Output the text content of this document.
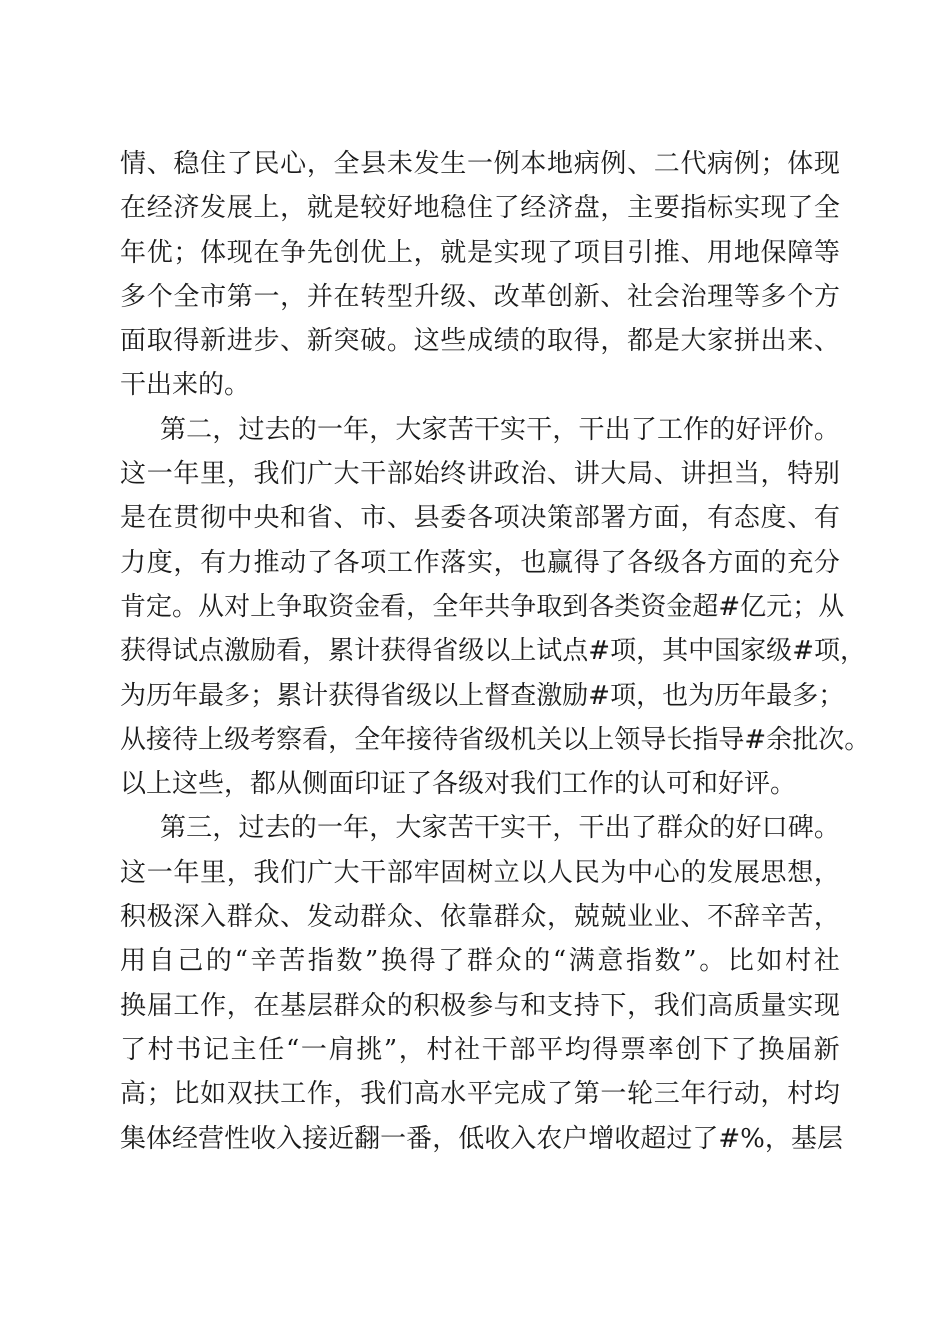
情 、 稳 住 了 民 心 ， 全 县 未 发 生 一 例 本 地 病 例 、 二 代 病 例 ； 体 现
在 经 济 发 展 上 ， 就 是 较 好 地 稳 住 了 经 济 盘 ， 主 要 指 标 实 现 了 全
年 优 ； 体 现 在 争 先 创 优 上 ， 就 是 实 现 了 项 目 引 推 、 用 地 保 障 等
多 个 全 市 第 一 ， 并 在 转 型 升 级 、 改 革 创 新 、 社 会 治 理 等 多 个 方
面 取 得 新 进 步 、 新 突 破 。 这 些 成 绩 的 取 得 ， 都 是 大 家 拼 出 来 、
干出来的。
第 二 ， 过 去 的 一 年 ， 大 家 苦 干 实 干 ， 干 出 了 工 作 的 好 评 价 。
这 一 年 里 ， 我 们 广 大 干 部 始 终 讲 政 治 、 讲 大 局 、 讲 担 当 ， 特 别
是 在 贯 彻 中 央 和 省 、 市 、 县 委 各 项 决 策 部 署 方 面 ， 有 态 度 、 有
力 度 ， 有 力 推 动 了 各 项 工 作 落 实 ， 也 赢 得 了 各 级 各 方 面 的 充 分
肯 定 。 从 对 上 争 取 资 金 看 ， 全 年 共 争 取 到 各 类 资 金 超 # 亿 元 ； 从
获 得 试 点 激 励 看 ， 累 计 获 得 省 级 以 上 试 点 # 项 ， 其 中 国 家 级 # 项 ，
为 历 年 最 多 ； 累 计 获 得 省 级 以 上 督 查 激 励 # 项 ， 也 为 历 年 最 多 ；
从 接 待 上 级 考 察 看 ， 全 年 接 待 省 级 机 关 以 上 领 导 长 指 导 # 余 批 次 。
以上这些，都从侧面印证了各级对我们工作的认可和好评。
第 三 ， 过 去 的 一 年 ， 大 家 苦 干 实 干 ， 干 出 了 群 众 的 好 口 碑 。
这 一 年 里 ， 我 们 广 大 干 部 牢 固 树 立 以 人 民 为 中 心 的 发 展 思 想 ，
积 极 深 入 群 众 、 发 动 群 众 、 依 靠 群 众 ， 兢 兢 业 业 、 不 辞 辛 苦 ，
用 自 己 的 “ 辛 苦 指 数 ” 换 得 了 群 众 的 “ 满 意 指 数 ” 。 比 如 村 社
换 届 工 作 ， 在 基 层 群 众 的 积 极 参 与 和 支 持 下 ， 我 们 高 质 量 实 现
了 村 书 记 主 任 “ 一 肩 挑 ” ， 村 社 干 部 平 均 得 票 率 创 下 了 换 届 新
高 ； 比 如 双 扶 工 作 ， 我 们 高 水 平 完 成 了 第 一 轮 三 年 行 动 ， 村 均
集 体 经 营 性 收 入 接 近 翻 一 番 ， 低 收 入 农 户 增 收 超 过 了 # % ， 基 层
